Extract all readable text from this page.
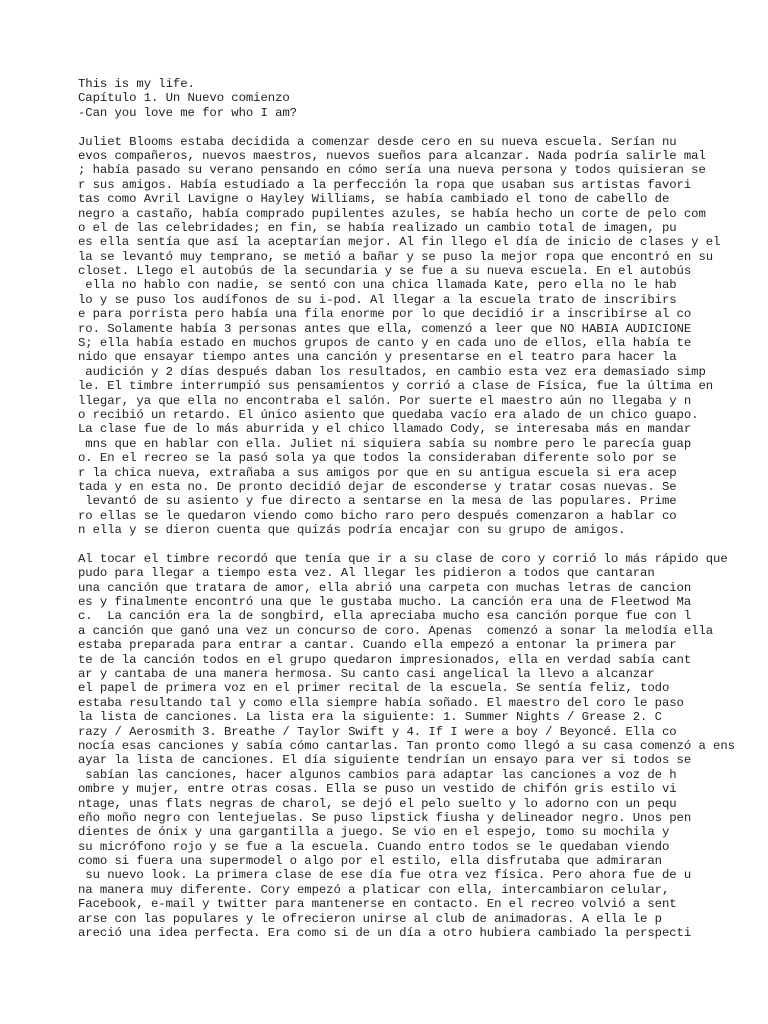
This is my life.
Capítulo 1. Un Nuevo comienzo
-Can you love me for who I am?
Juliet Blooms estaba decidida a comenzar desde cero en su nueva escuela. Serían nu
evos compañeros, nuevos maestros, nuevos sueños para alcanzar. Nada podría salirle mal
; había pasado su verano pensando en cómo sería una nueva persona y todos quisieran se
r sus amigos. Había estudiado a la perfección la ropa que usaban sus artistas favori
tas como Avril Lavigne o Hayley Williams, se había cambiado el tono de cabello de
negro a castaño, había comprado pupilentes azules, se había hecho un corte de pelo com
o el de las celebridades; en fin, se había realizado un cambio total de imagen, pu
es ella sentía que así la aceptarían mejor. Al fin llego el día de inicio de clases y el
la se levantó muy temprano, se metió a bañar y se puso la mejor ropa que encontró en su
closet. Llego el autobús de la secundaria y se fue a su nueva escuela. En el autobús
ella no hablo con nadie, se sentó con una chica llamada Kate, pero ella no le hab
lo y se puso los audífonos de su i-pod. Al llegar a la escuela trato de inscribirs
e para porrista pero había una fila enorme por lo que decidió ir a inscribirse al co
ro. Solamente había 3 personas antes que ella, comenzó a leer que NO HABIA AUDICIONE
S; ella había estado en muchos grupos de canto y en cada uno de ellos, ella había te
nido que ensayar tiempo antes una canción y presentarse en el teatro para hacer la
audición y 2 días después daban los resultados, en cambio esta vez era demasiado simp
le. El timbre interrumpió sus pensamientos y corrió a clase de Física, fue la última en
llegar, ya que ella no encontraba el salón. Por suerte el maestro aún no llegaba y n
o recibió un retardo. El único asiento que quedaba vacío era alado de un chico guapo.
La clase fue de lo más aburrida y el chico llamado Cody, se interesaba más en mandar
mns que en hablar con ella. Juliet ni siquiera sabía su nombre pero le parecía guap
o. En el recreo se la pasó sola ya que todos la consideraban diferente solo por se
r la chica nueva, extrañaba a sus amigos por que en su antigua escuela si era acep
tada y en esta no. De pronto decidió dejar de esconderse y tratar cosas nuevas. Se
levantó de su asiento y fue directo a sentarse en la mesa de las populares. Prime
ro ellas se le quedaron viendo como bicho raro pero después comenzaron a hablar co
n ella y se dieron cuenta que quizás podría encajar con su grupo de amigos.
Al tocar el timbre recordó que tenía que ir a su clase de coro y corrió lo más rápido que
pudo para llegar a tiempo esta vez. Al llegar les pidieron a todos que cantaran
una canción que tratara de amor, ella abrió una carpeta con muchas letras de cancion
es y finalmente encontró una que le gustaba mucho. La canción era una de Fleetwod Ma
c.  La canción era la de songbird, ella apreciaba mucho esa canción porque fue con l
a canción que ganó una vez un concurso de coro. Apenas  comenzó a sonar la melodía ella
estaba preparada para entrar a cantar. Cuando ella empezó a entonar la primera par
te de la canción todos en el grupo quedaron impresionados, ella en verdad sabía cant
ar y cantaba de una manera hermosa. Su canto casi angelical la llevo a alcanzar
el papel de primera voz en el primer recital de la escuela. Se sentía feliz, todo
estaba resultando tal y como ella siempre había soñado. El maestro del coro le paso
la lista de canciones. La lista era la siguiente: 1. Summer Nights / Grease 2. C
razy / Aerosmith 3. Breathe / Taylor Swift y 4. If I were a boy / Beyoncé. Ella co
nocía esas canciones y sabía cómo cantarlas. Tan pronto como llegó a su casa comenzó a ens
ayar la lista de canciones. El día siguiente tendrían un ensayo para ver si todos se
sabían las canciones, hacer algunos cambios para adaptar las canciones a voz de h
ombre y mujer, entre otras cosas. Ella se puso un vestido de chifón gris estilo vi
ntage, unas flats negras de charol, se dejó el pelo suelto y lo adorno con un pequ
eño moño negro con lentejuelas. Se puso lipstick fiusha y delineador negro. Unos pen
dientes de ónix y una gargantilla a juego. Se vio en el espejo, tomo su mochila y
su micrófono rojo y se fue a la escuela. Cuando entro todos se le quedaban viendo
como si fuera una supermodel o algo por el estilo, ella disfrutaba que admiraran
su nuevo look. La primera clase de ese día fue otra vez física. Pero ahora fue de u
na manera muy diferente. Cory empezó a platicar con ella, intercambiaron celular,
Facebook, e-mail y twitter para mantenerse en contacto. En el recreo volvió a sent
arse con las populares y le ofrecieron unirse al club de animadoras. A ella le p
areció una idea perfecta. Era como si de un día a otro hubiera cambiado la perspecti
